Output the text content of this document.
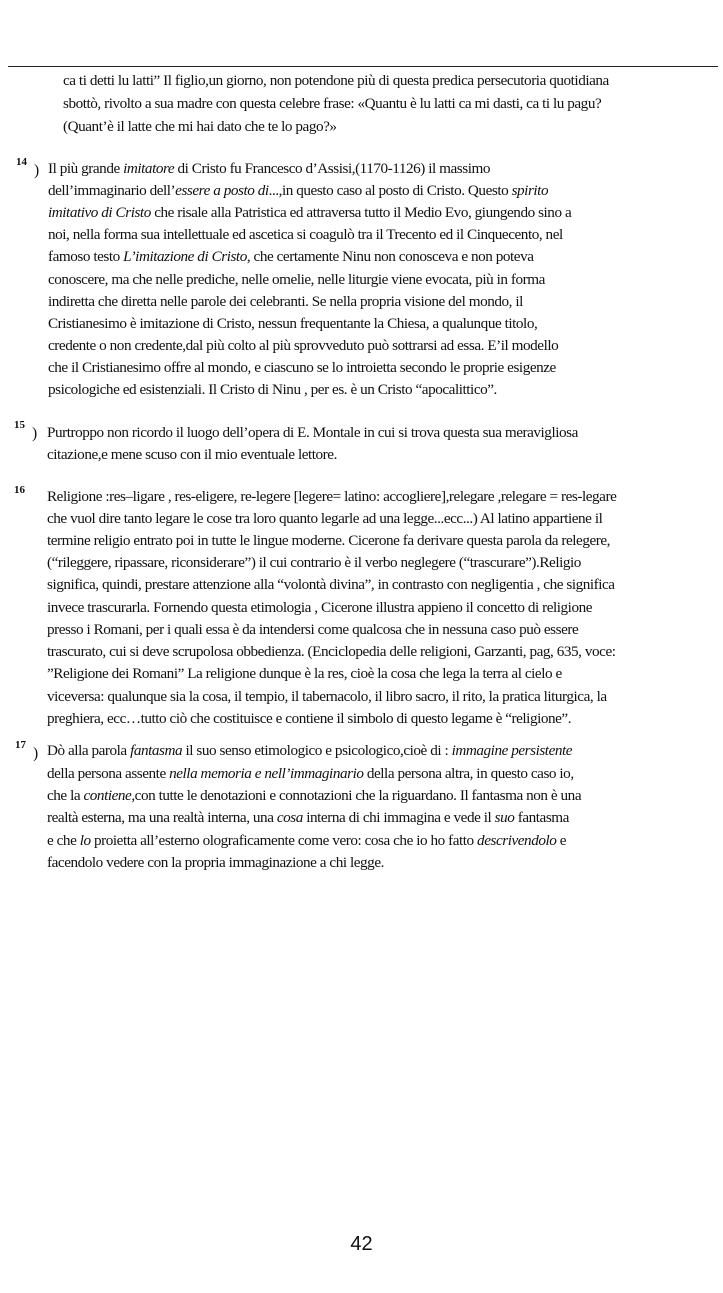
ca ti detti lu latti” Il figlio,un giorno, non potendone più di questa predica persecutoria quotidiana
sbottò, rivolto a sua madre con questa celebre frase: «Quantu è lu latti ca mi dasti, ca ti lu pagu?
(Quant’è il latte che mi hai dato che te lo pago?»
14 ) Il più grande imitatore di Cristo fu Francesco d’Assisi,(1170-1126) il massimo
dell’immaginario dell’essere a posto di...,in questo caso al posto di Cristo. Questo spirito
imitativo di Cristo che risale alla Patristica ed attraversa tutto il Medio Evo, giungendo sino a
noi, nella forma sua intellettuale ed ascetica si coagulò tra il Trecento ed il Cinquecento, nel
famoso testo L’imitazione di Cristo, che certamente Ninu non conosceva e non poteva
conoscere, ma che nelle prediche, nelle omelie, nelle liturgie viene evocata, più in forma
indiretta che diretta nelle parole dei celebranti. Se nella propria visione del mondo, il
Cristianesimo è imitazione di Cristo, nessun frequentante la Chiesa, a qualunque titolo,
credente o non credente,dal più colto al più sprovveduto può sottrarsi ad essa. E’il modello
che il Cristianesimo offre al mondo, e ciascuno se lo introietta secondo le proprie esigenze
psicologiche ed esistenziali. Il Cristo di Ninu , per es. è un Cristo “apocalittico”.
15 ) Purtroppo non ricordo il luogo dell’opera di E. Montale in cui si trova questa sua meravigliosa
citazione,e mene scuso con il mio eventuale lettore.
16 Religione :res–ligare , res-eligere, re-legere [legere= latino: accogliere],relegare ,relegare = res-legare
che vuol dire tanto legare le cose tra loro quanto legarle ad una legge...ecc...) Al latino appartiene il
termine religio entrato poi in tutte le lingue moderne. Cicerone fa derivare questa parola da relegere,
(“rileggere, ripassare, riconsiderare”) il cui contrario è il verbo neglegere (“trascurare”).Religio
significa, quindi, prestare attenzione alla “volontà divina”, in contrasto con negligentia , che significa
invece trascurarla. Fornendo questa etimologia , Cicerone illustra appieno il concetto di religione
presso i Romani, per i quali essa è da intendersi come qualcosa che in nessuna caso può essere
trascurato, cui si deve scrupolosa obbedienza. (Enciclopedia delle religioni, Garzanti, pag, 635, voce:
”Religione dei Romani” La religione dunque è la res, cioè la cosa che lega la terra al cielo e
viceversa: qualunque sia la cosa, il tempio, il tabernacolo, il libro sacro, il rito, la pratica liturgica, la
preghiera, ecc…tutto ciò che costituisce e contiene il simbolo di questo legame è “religione”.
17 ) Dò alla parola fantasma il suo senso etimologico e psicologico,cioè di : immagine persistente
della persona assente nella memoria e nell’immaginario della persona altra, in questo caso io,
che la contiene,con tutte le denotazioni e connotazioni che la riguardano. Il fantasma non è una
realtà esterna, ma una realtà interna, una cosa interna di chi immagina e vede il suo fantasma
e che lo proietta all’esterno olograficamente come vero: cosa che io ho fatto descrivendolo e
facendolo vedere con la propria immaginazione a chi legge.
42
